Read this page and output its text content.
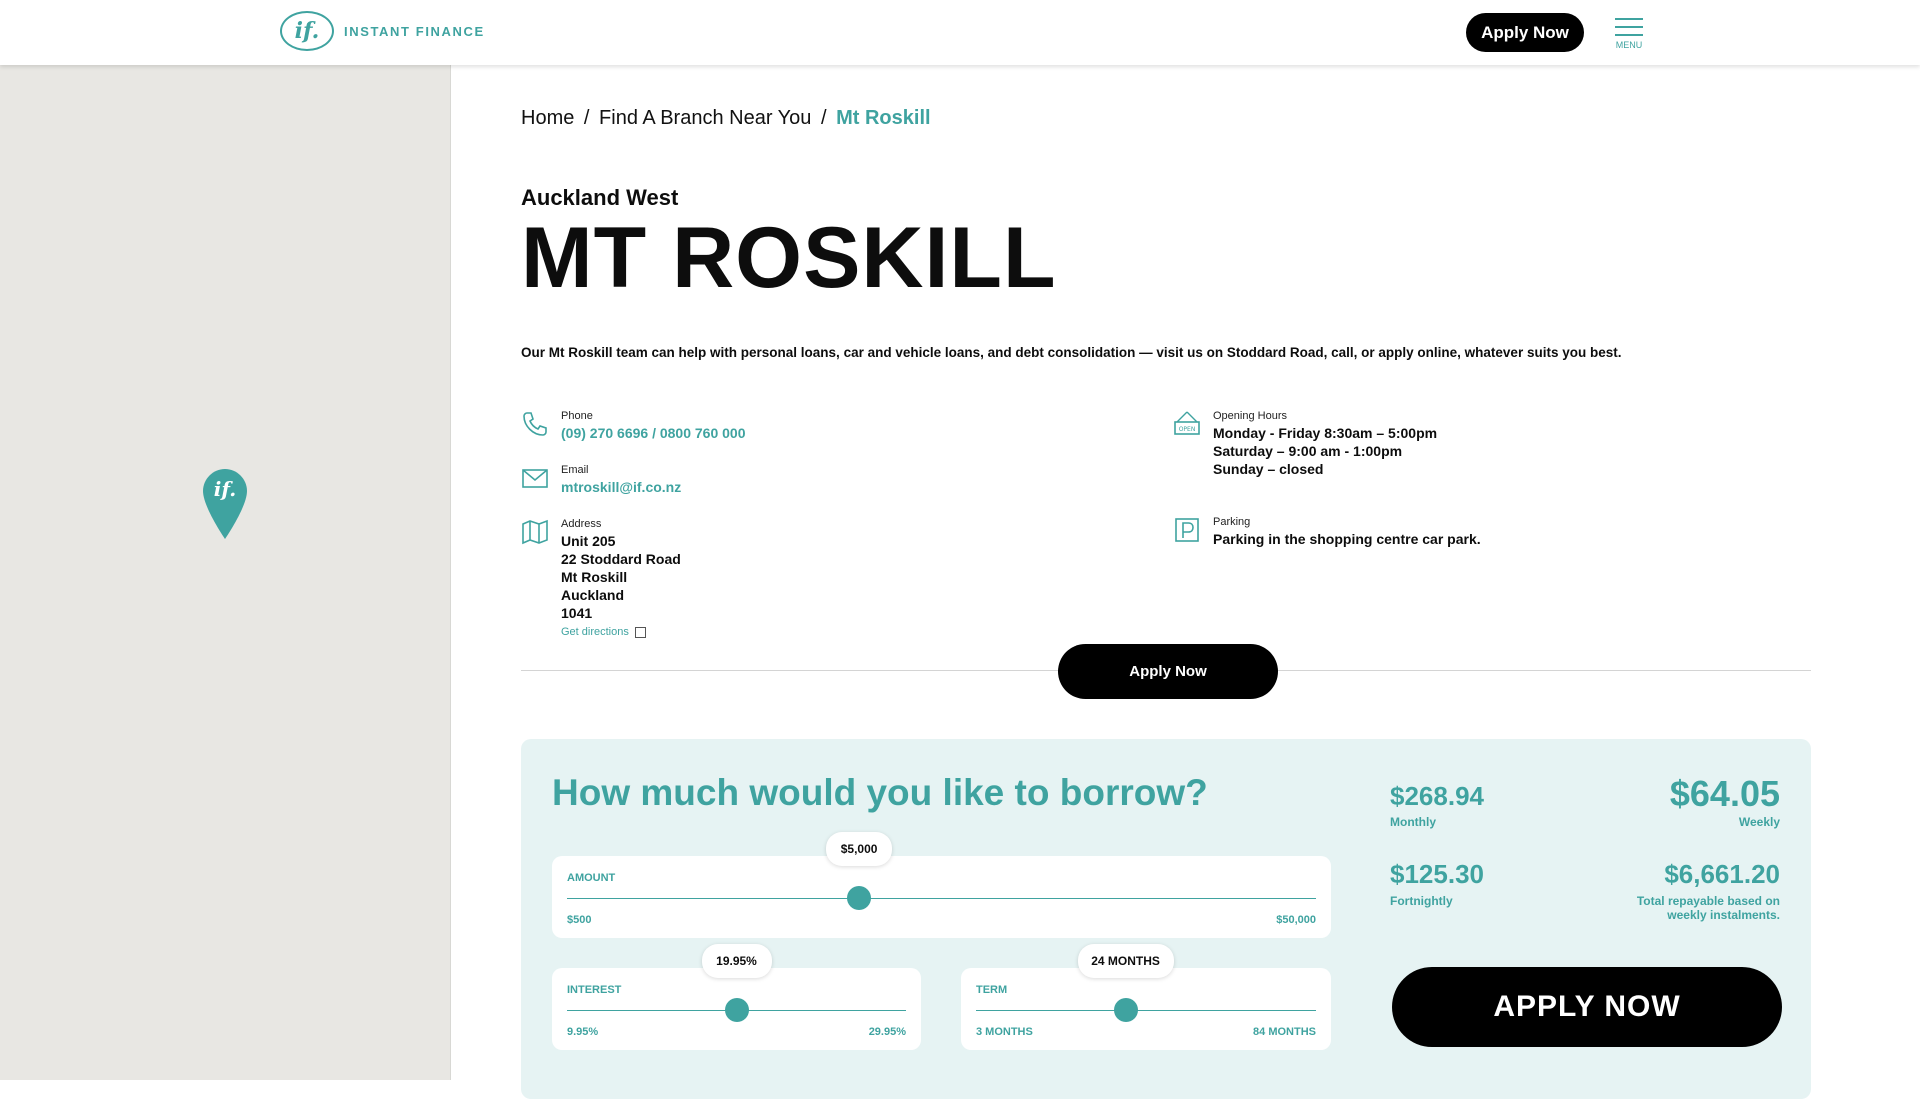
if.	INSTANT FINANCE	Apply Now
MENU
if.
Home / Find A Branch Near You / Mt Roskill
Auckland West
MT ROSKILL
Our Mt Roskill team can help with personal loans, car and vehicle loans, and debt consolidation — visit us on Stoddard Road, call, or apply online, whatever suits you best.
Phone
(09) 270 6696 / 0800 760 000
Email
mtroskill@if.co.nz
Address
Unit 205
22 Stoddard Road
Mt Roskill
Auckland
1041
Get directions
OPEN
Opening Hours
Monday - Friday 8:30am – 5:00pm
Saturday – 9:00 am - 1:00pm
Sunday – closed
Parking
Parking in the shopping centre car park.
Apply Now
How much would you like to borrow?
AMOUNT
$500	$50,000
$5,000
INTEREST
9.95%	29.95%
19.95%
TERM
3 MONTHS	84 MONTHS
24 MONTHS
$268.94
Monthly
$64.05
Weekly
$125.30
Fortnightly
$6,661.20
Total repayable based on
weekly instalments.
APPLY NOW
